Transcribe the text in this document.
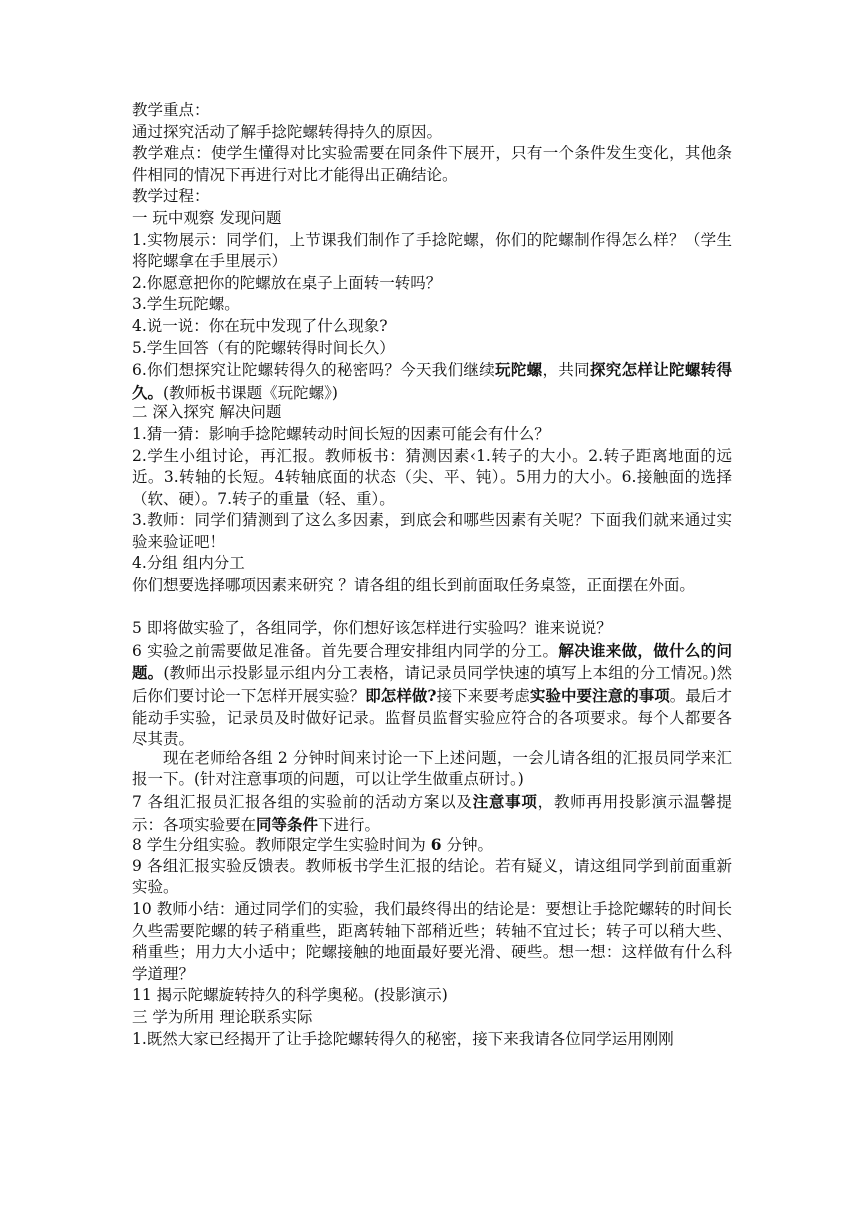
教学重点：
通过探究活动了解手捻陀螺转得持久的原因。
教学难点：使学生懂得对比实验需要在同条件下展开，只有一个条件发生变化，其他条件相同的情况下再进行对比才能得出正确结论。
教学过程：
一 玩中观察 发现问题
1.实物展示：同学们，上节课我们制作了手捻陀螺，你们的陀螺制作得怎么样？（学生将陀螺拿在手里展示）
2.你愿意把你的陀螺放在桌子上面转一转吗？
3.学生玩陀螺。
4.说一说：你在玩中发现了什么现象?
5.学生回答（有的陀螺转得时间长久）
6.你们想探究让陀螺转得久的秘密吗？今天我们继续玩陀螺，共同探究怎样让陀螺转得久。(教师板书课题《玩陀螺》)
二 深入探究 解决问题
1.猜一猜：影响手捻陀螺转动时间长短的因素可能会有什么？
2.学生小组讨论，再汇报。教师板书：猜测因素‹1.转子的大小。2.转子距离地面的远近。3.转轴的长短。4转轴底面的状态（尖、平、钝）。5用力的大小。6.接触面的选择（软、硬）。7.转子的重量（轻、重）。
3.教师：同学们猜测到了这么多因素，到底会和哪些因素有关呢？下面我们就来通过实验来验证吧！
4.分组 组内分工
你们想要选择哪项因素来研究 ？请各组的组长到前面取任务桌签，正面摆在外面。
5 即将做实验了，各组同学，你们想好该怎样进行实验吗？谁来说说？
6 实验之前需要做足准备。首先要合理安排组内同学的分工。解决谁来做，做什么的问题。(教师出示投影显示组内分工表格，请记录员同学快速的填写上本组的分工情况。)然后你们要讨论一下怎样开展实验？即怎样做?接下来要考虑实验中要注意的事项。最后才能动手实验，记录员及时做好记录。监督员监督实验应符合的各项要求。每个人都要各尽其责。
现在老师给各组 2 分钟时间来讨论一下上述问题，一会儿请各组的汇报员同学来汇报一下。(针对注意事项的问题，可以让学生做重点研讨。)
7 各组汇报员汇报各组的实验前的活动方案以及注意事项，教师再用投影演示温馨提示：各项实验要在同等条件下进行。
8 学生分组实验。教师限定学生实验时间为 6 分钟。
9 各组汇报实验反馈表。教师板书学生汇报的结论。若有疑义，请这组同学到前面重新实验。
10 教师小结：通过同学们的实验，我们最终得出的结论是：要想让手捻陀螺转的时间长久些需要陀螺的转子稍重些，距离转轴下部稍近些；转轴不宜过长；转子可以稍大些、稍重些；用力大小适中；陀螺接触的地面最好要光滑、硬些。想一想：这样做有什么科学道理？
11 揭示陀螺旋转持久的科学奥秘。(投影演示)
三 学为所用 理论联系实际
1.既然大家已经揭开了让手捻陀螺转得久的秘密，接下来我请各位同学运用刚刚
